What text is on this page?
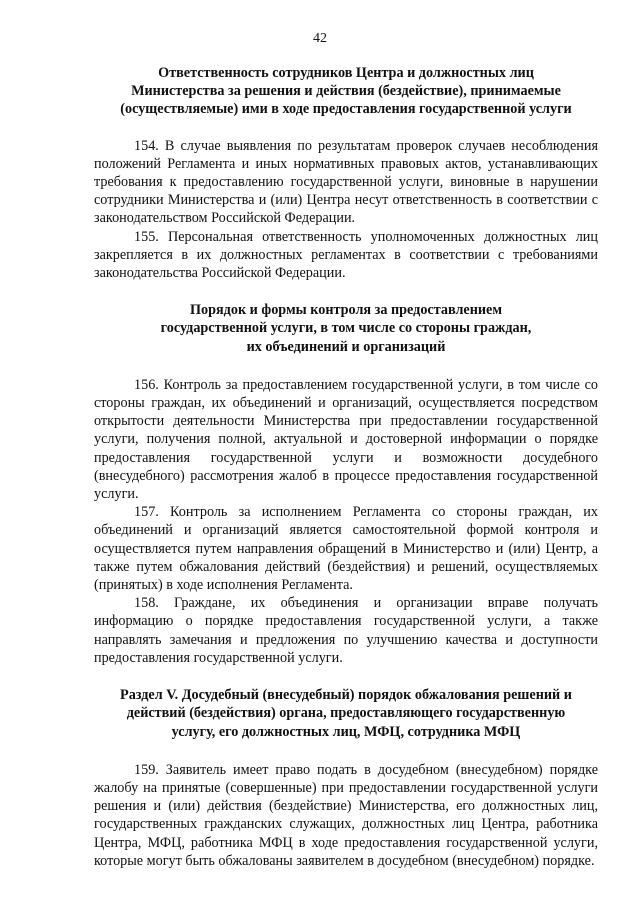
42
Ответственность сотрудников Центра и должностных лиц
Министерства за решения и действия (бездействие), принимаемые
(осуществляемые) ими в ходе предоставления государственной услуги

154. В случае выявления по результатам проверок случаев несоблюдения положений Регламента и иных нормативных правовых актов, устанавливающих требования к предоставлению государственной услуги, виновные в нарушении сотрудники Министерства и (или) Центра несут ответственность в соответствии с законодательством Российской Федерации.

155. Персональная ответственность уполномоченных должностных лиц закрепляется в их должностных регламентах в соответствии с требованиями законодательства Российской Федерации.

Порядок и формы контроля за предоставлением
государственной услуги, в том числе со стороны граждан,
их объединений и организаций

156. Контроль за предоставлением государственной услуги, в том числе со стороны граждан, их объединений и организаций, осуществляется посредством открытости деятельности Министерства при предоставлении государственной услуги, получения полной, актуальной и достоверной информации о порядке предоставления государственной услуги и возможности досудебного (внесудебного) рассмотрения жалоб в процессе предоставления государственной услуги.

157. Контроль за исполнением Регламента со стороны граждан, их объединений и организаций является самостоятельной формой контроля и осуществляется путем направления обращений в Министерство и (или) Центр, а также путем обжалования действий (бездействия) и решений, осуществляемых (принятых) в ходе исполнения Регламента.

158. Граждане, их объединения и организации вправе получать информацию о порядке предоставления государственной услуги, а также направлять замечания и предложения по улучшению качества и доступности предоставления государственной услуги.

Раздел V. Досудебный (внесудебный) порядок обжалования решений и
действий (бездействия) органа, предоставляющего государственную
услугу, его должностных лиц, МФЦ, сотрудника МФЦ

159. Заявитель имеет право подать в досудебном (внесудебном) порядке жалобу на принятые (совершенные) при предоставлении государственной услуги решения и (или) действия (бездействие) Министерства, его должностных лиц, государственных гражданских служащих, должностных лиц Центра, работника Центра, МФЦ, работника МФЦ в ходе предоставления государственной услуги, которые могут быть обжалованы заявителем в досудебном (внесудебном) порядке.
